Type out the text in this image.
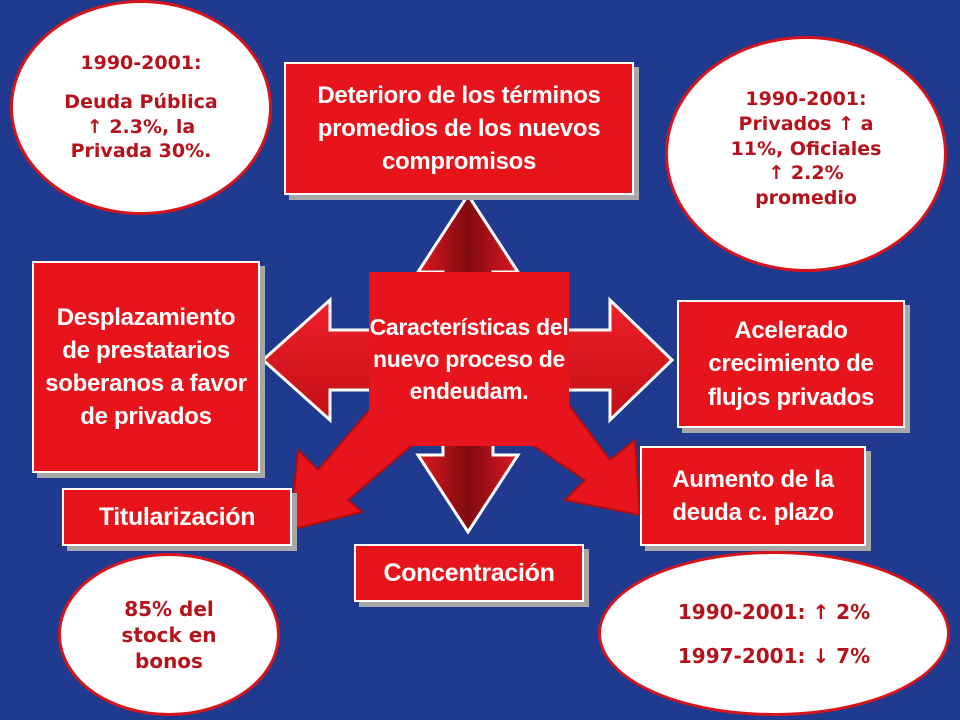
Características del nuevo proceso de endeudam.
Deterioro de los términos promedios de los nuevos compromisos
Desplazamiento de prestatarios soberanos a favor de privados
Acelerado crecimiento de flujos privados
Titularización
Aumento de la deuda c. plazo
Concentración
1990-2001:
Deuda Pública
↑ 2.3%, la
Privada 30%.
1990-2001:
Privados ↑ a
11%, Oficiales
↑ 2.2%
promedio
85% del
stock en
bonos
1990-2001: ↑ 2%
1997-2001: ↓ 7%
